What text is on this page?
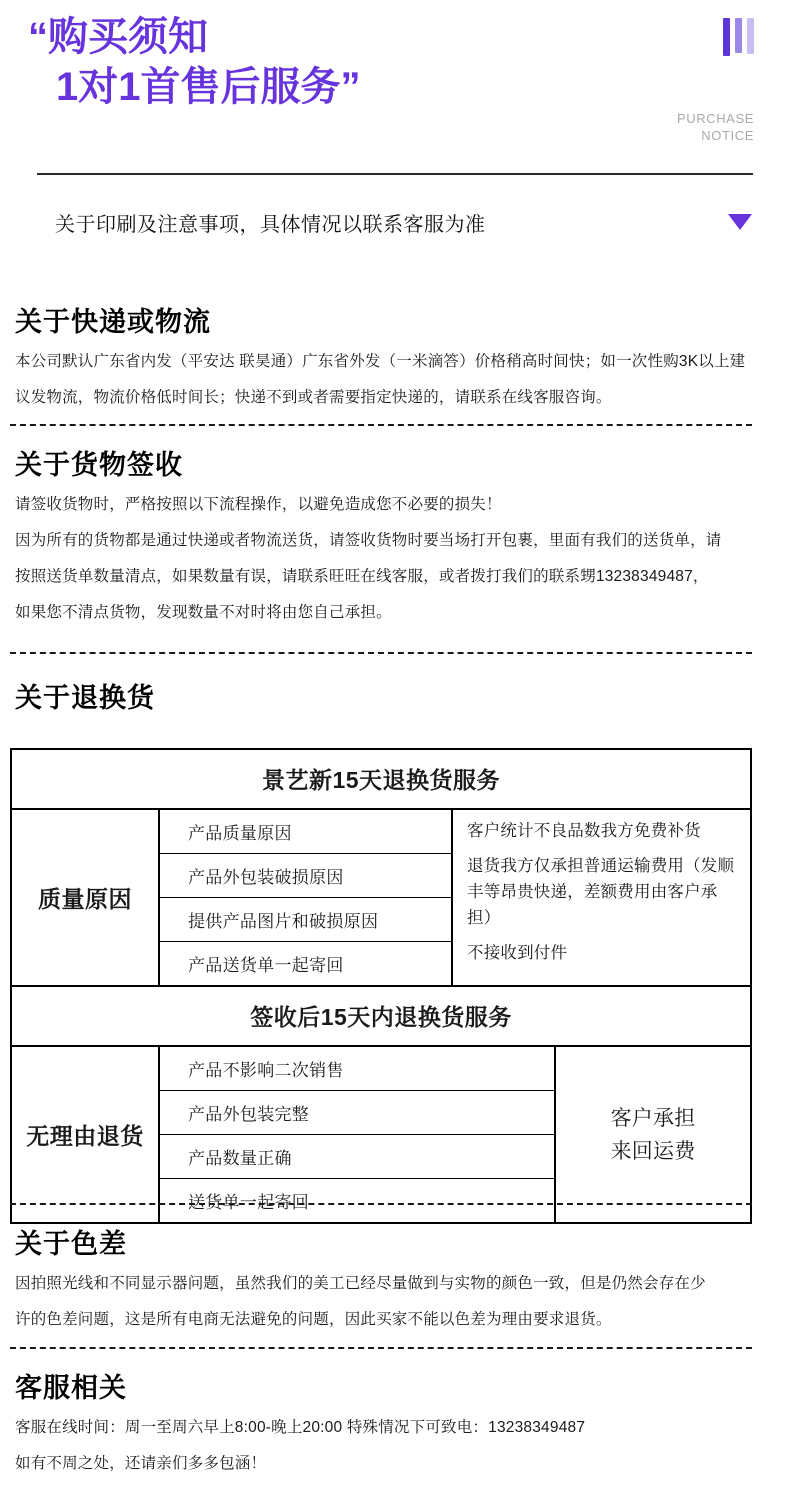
“购买须知
1对1首售后服务”
PURCHASE
NOTICE
关于印刷及注意事项，具体情况以联系客服为准
关于快递或物流

本公司默认广东省内发（平安达 联昊通）广东省外发（一米滴答）价格稍高时间快；如一次性购3K以上建

议发物流，物流价格低时间长；快递不到或者需要指定快递的，请联系在线客服咨询。

关于货物签收

请签收货物时，严格按照以下流程操作，以避免造成您不必要的损失！

因为所有的货物都是通过快递或者物流送货，请签收货物时要当场打开包裹，里面有我们的送货单，请

按照送货单数量清点，如果数量有误，请联系旺旺在线客服，或者拨打我们的联系甥13238349487，

如果您不清点货物，发现数量不对时将由您自己承担。

关于退换货
景艺新15天退换货服务
质量原因
产品质量原因
产品外包装破损原因
提供产品图片和破损原因
产品送货单一起寄回
客户统计不良品数我方免费补货
退货我方仅承担普通运输费用（发顺丰等昂贵快递，差额费用由客户承担）
不接收到付件
签收后15天内退换货服务
无理由退货
产品不影响二次销售
产品外包装完整
产品数量正确
送货单一起寄回
客户承担
来回运费
关于色差

因拍照光线和不同显示器问题，虽然我们的美工已经尽量做到与实物的颜色一致，但是仍然会存在少

许的色差问题，这是所有电商无法避免的问题，因此买家不能以色差为理由要求退货。

客服相关

客服在线时间：周一至周六早上8:00-晚上20:00 特殊情况下可致电：13238349487

如有不周之处，还请亲们多多包涵！
